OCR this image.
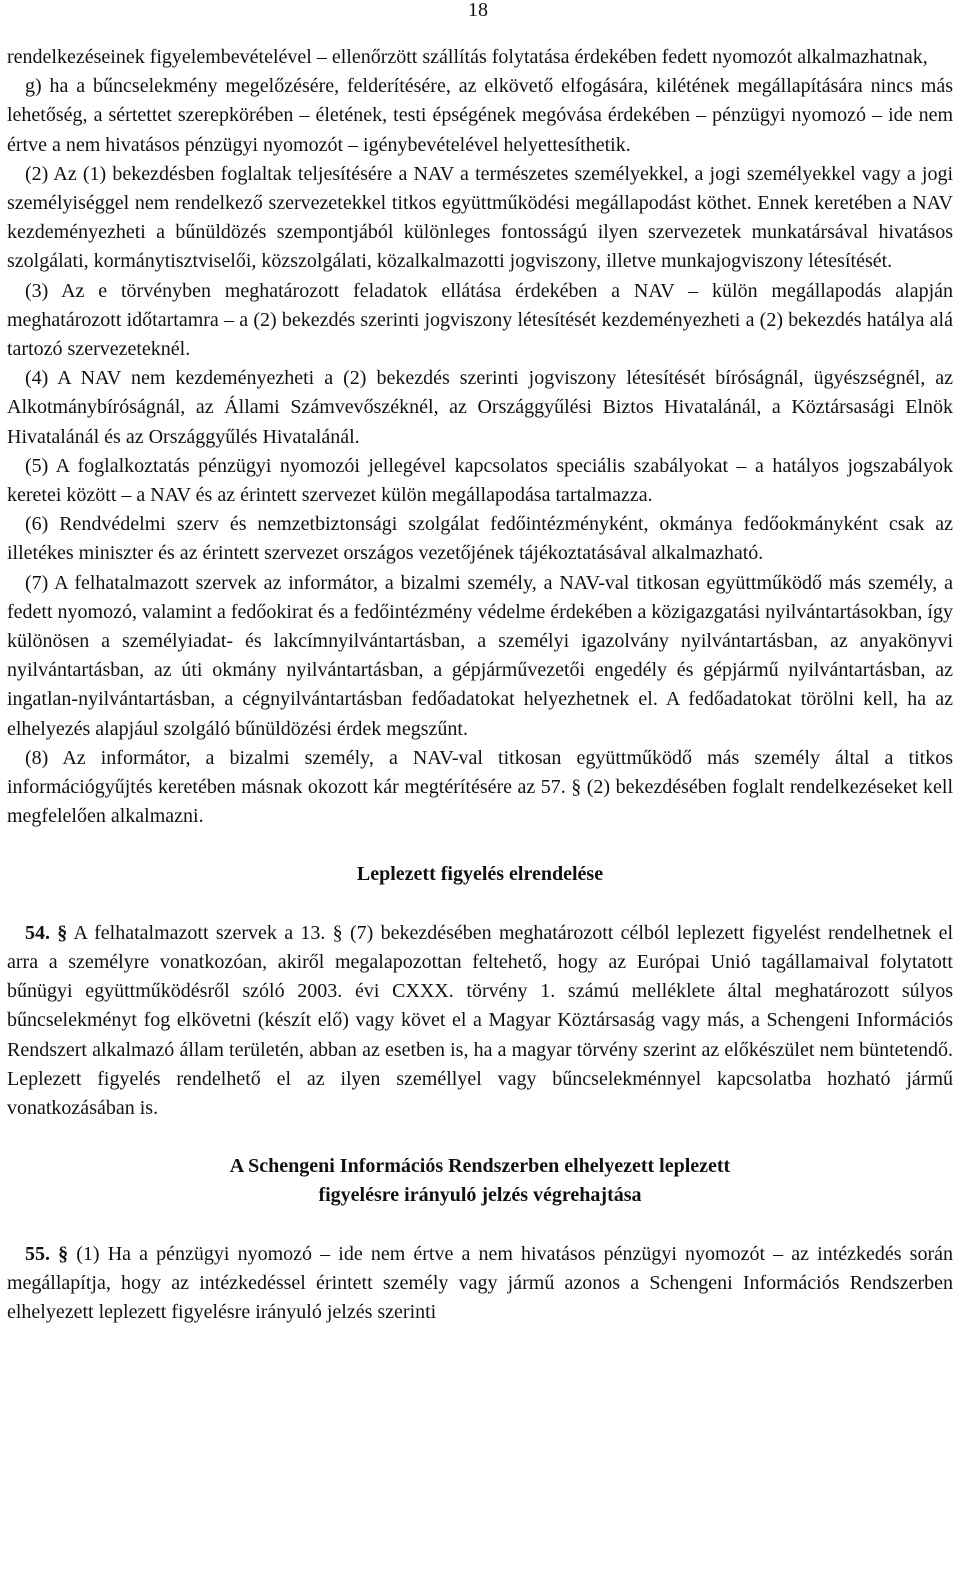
18

rendelkezéseinek figyelembevételével – ellenőrzött szállítás folytatása érdekében fedett nyomozót alkalmazhatnak,

g) ha a bűncselekmény megelőzésére, felderítésére, az elkövető elfogására, kilétének megállapítására nincs más lehetőség, a sértettet szerepkörében – életének, testi épségének megóvása érdekében – pénzügyi nyomozó – ide nem értve a nem hivatásos pénzügyi nyomozót – igénybevételével helyettesíthetik.

(2) Az (1) bekezdésben foglaltak teljesítésére a NAV a természetes személyekkel, a jogi személyekkel vagy a jogi személyiséggel nem rendelkező szervezetekkel titkos együttműködési megállapodást köthet. Ennek keretében a NAV kezdeményezheti a bűnüldözés szempontjából különleges fontosságú ilyen szervezetek munkatársával hivatásos szolgálati, kormánytisztviselői, közszolgálati, közalkalmazotti jogviszony, illetve munkajogviszony létesítését.

(3) Az e törvényben meghatározott feladatok ellátása érdekében a NAV – külön megállapodás alapján meghatározott időtartamra – a (2) bekezdés szerinti jogviszony létesítését kezdeményezheti a (2) bekezdés hatálya alá tartozó szervezeteknél.

(4) A NAV nem kezdeményezheti a (2) bekezdés szerinti jogviszony létesítését bíróságnál, ügyészségnél, az Alkotmánybíróságnál, az Állami Számvevőszéknél, az Országgyűlési Biztos Hivatalánál, a Köztársasági Elnök Hivatalánál és az Országgyűlés Hivatalánál.

(5) A foglalkoztatás pénzügyi nyomozói jellegével kapcsolatos speciális szabályokat – a hatályos jogszabályok keretei között – a NAV és az érintett szervezet külön megállapodása tartalmazza.

(6) Rendvédelmi szerv és nemzetbiztonsági szolgálat fedőintézményként, okmánya fedőokmányként csak az illetékes miniszter és az érintett szervezet országos vezetőjének tájékoztatásával alkalmazható.

(7) A felhatalmazott szervek az informátor, a bizalmi személy, a NAV-val titkosan együttműködő más személy, a fedett nyomozó, valamint a fedőokirat és a fedőintézmény védelme érdekében a közigazgatási nyilvántartásokban, így különösen a személyiadat- és lakcímnyilvántartásban, a személyi igazolvány nyilvántartásban, az anyakönyvi nyilvántartásban, az úti okmány nyilvántartásban, a gépjárművezetői engedély és gépjármű nyilvántartásban, az ingatlan-nyilvántartásban, a cégnyilvántartásban fedőadatokat helyezhetnek el. A fedőadatokat törölni kell, ha az elhelyezés alapjául szolgáló bűnüldözési érdek megszűnt.

(8) Az informátor, a bizalmi személy, a NAV-val titkosan együttműködő más személy által a titkos információgyűjtés keretében másnak okozott kár megtérítésére az 57. § (2) bekezdésében foglalt rendelkezéseket kell megfelelően alkalmazni.

Leplezett figyelés elrendelése

54. § A felhatalmazott szervek a 13. § (7) bekezdésében meghatározott célból leplezett figyelést rendelhetnek el arra a személyre vonatkozóan, akiről megalapozottan feltehető, hogy az Európai Unió tagállamaival folytatott bűnügyi együttműködésről szóló 2003. évi CXXX. törvény 1. számú melléklete által meghatározott súlyos bűncselekményt fog elkövetni (készít elő) vagy követ el a Magyar Köztársaság vagy más, a Schengeni Információs Rendszert alkalmazó állam területén, abban az esetben is, ha a magyar törvény szerint az előkészület nem büntetendő. Leplezett figyelés rendelhető el az ilyen személlyel vagy bűncselekménnyel kapcsolatba hozható jármű vonatkozásában is.

A Schengeni Információs Rendszerben elhelyezett leplezett
figyelésre irányuló jelzés végrehajtása

55. § (1) Ha a pénzügyi nyomozó – ide nem értve a nem hivatásos pénzügyi nyomozót – az intézkedés során megállapítja, hogy az intézkedéssel érintett személy vagy jármű azonos a Schengeni Információs Rendszerben elhelyezett leplezett figyelésre irányuló jelzés szerinti
